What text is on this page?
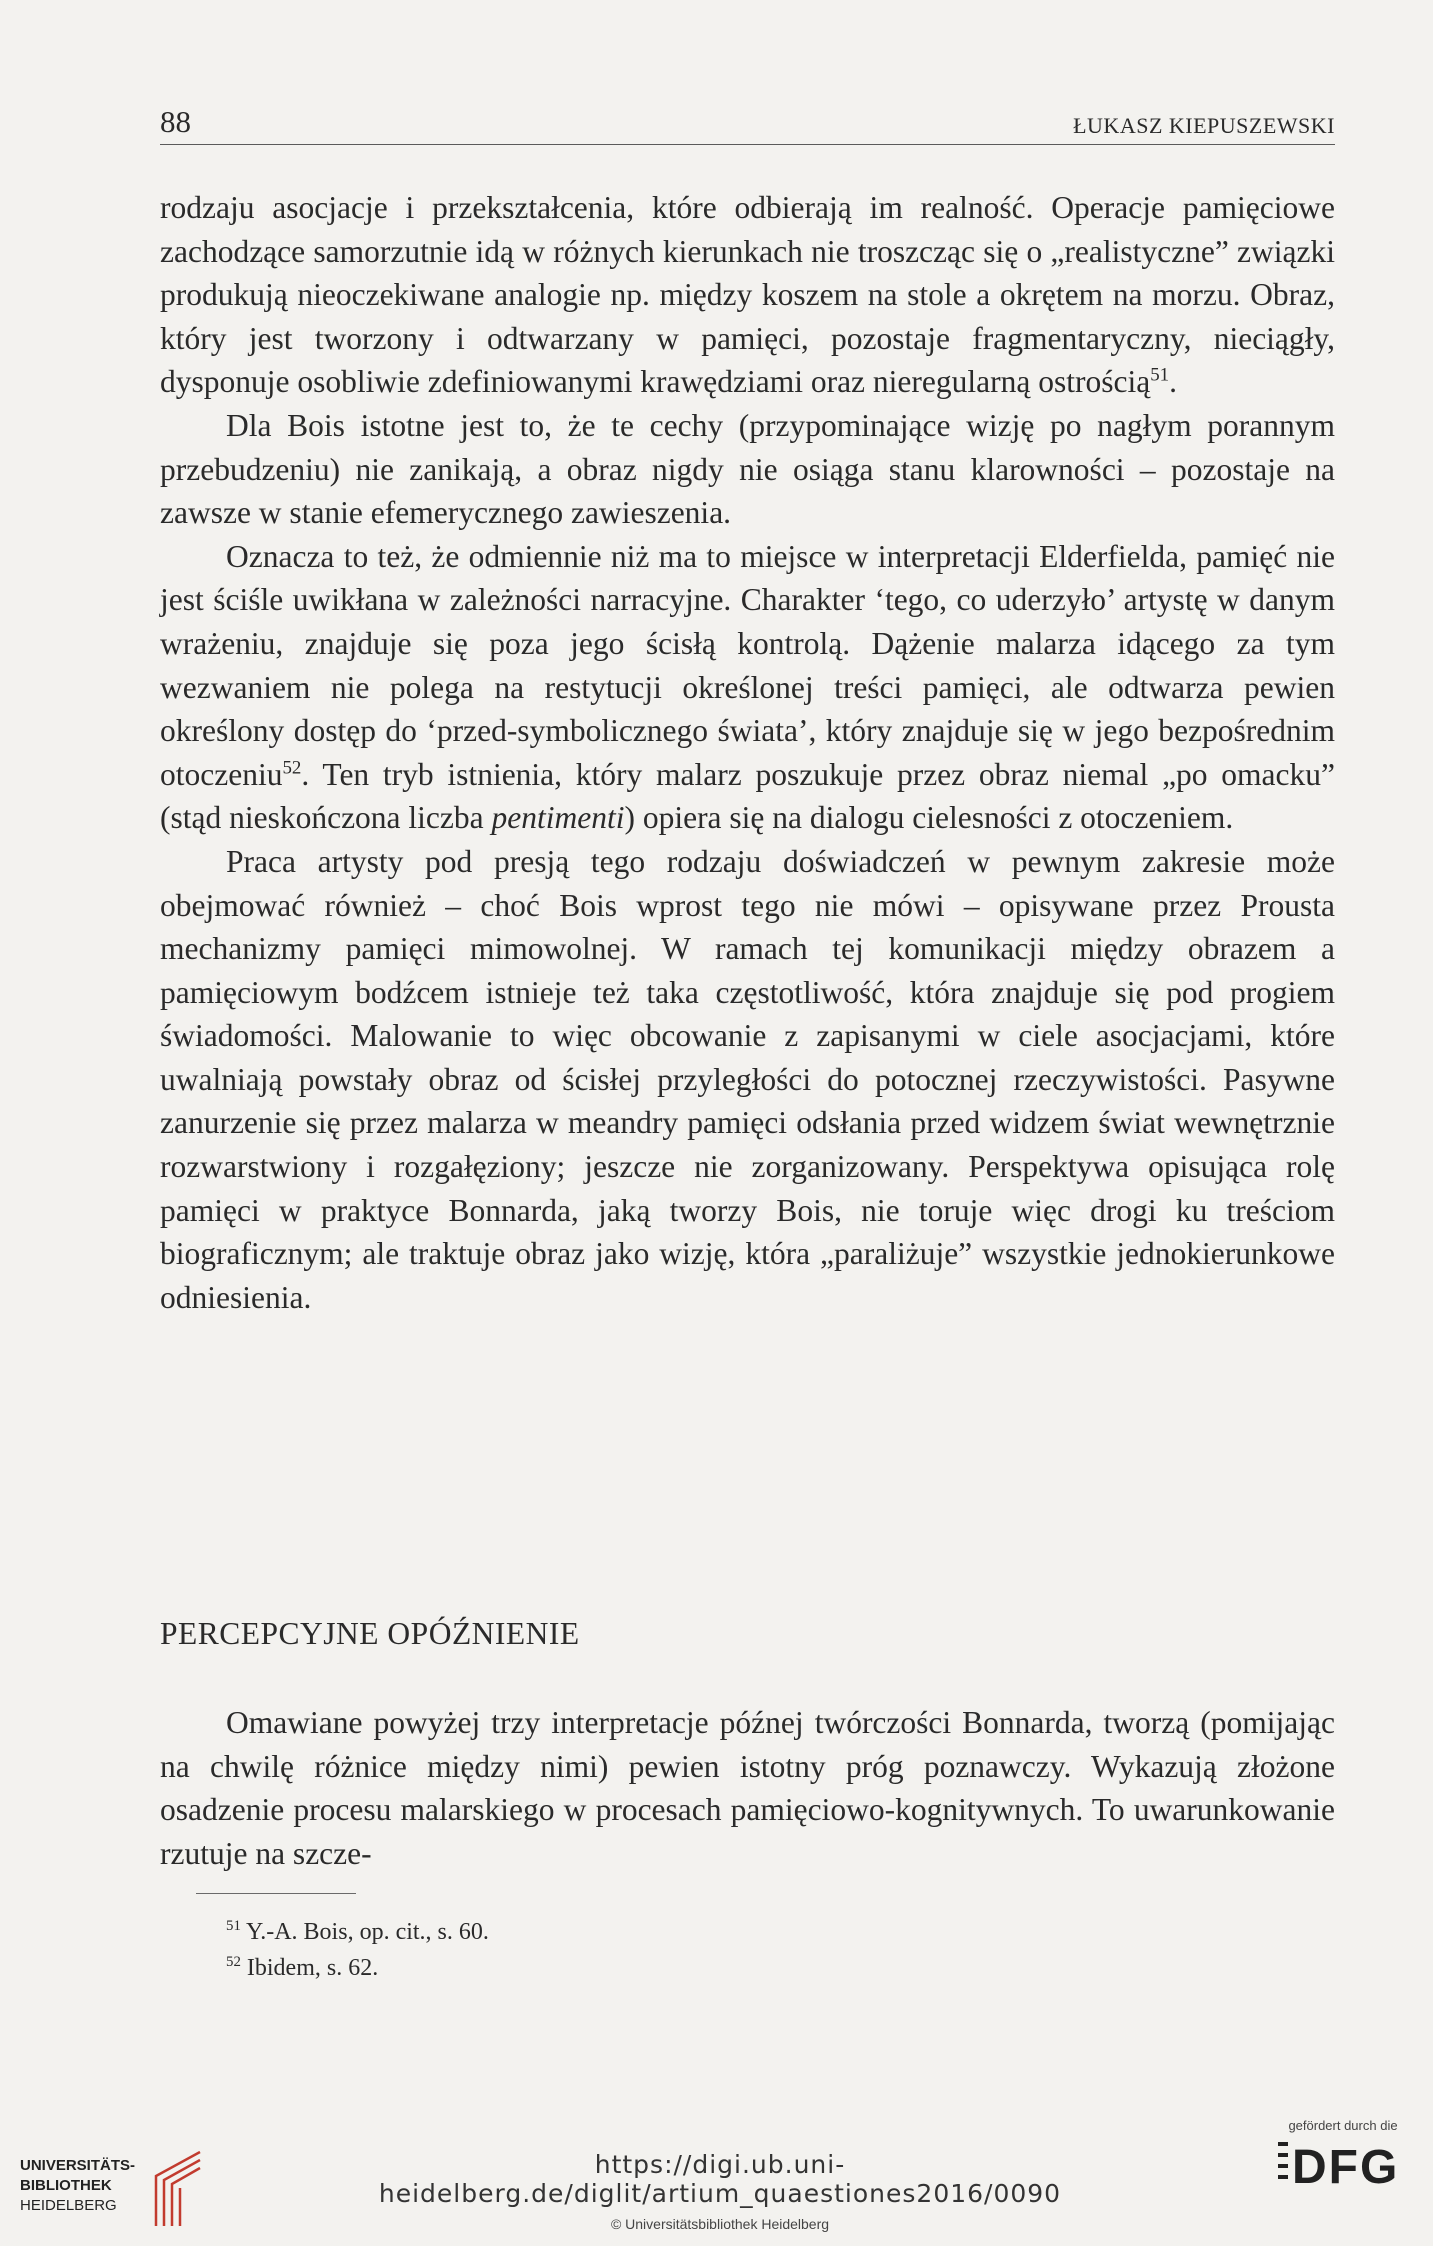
88	ŁUKASZ KIEPUSZEWSKI

rodzaju asocjacje i przekształcenia, które odbierają im realność. Operacje pamięciowe zachodzące samorzutnie idą w różnych kierunkach nie troszcząc się o „realistyczne” związki produkują nieoczekiwane analogie np. między koszem na stole a okrętem na morzu. Obraz, który jest tworzony i odtwarzany w pamięci, pozostaje fragmentaryczny, nieciągły, dysponuje osobliwie zdefiniowanymi krawędziami oraz nieregularną ostrością$^{51}$.

Dla Bois istotne jest to, że te cechy (przypominające wizję po nagłym porannym przebudzeniu) nie zanikają, a obraz nigdy nie osiąga stanu klarowności – pozostaje na zawsze w stanie efemerycznego zawieszenia.

Oznacza to też, że odmiennie niż ma to miejsce w interpretacji Elderfielda, pamięć nie jest ściśle uwikłana w zależności narracyjne. Charakter ‘tego, co uderzyło’ artystę w danym wrażeniu, znajduje się poza jego ścisłą kontrolą. Dążenie malarza idącego za tym wezwaniem nie polega na restytucji określonej treści pamięci, ale odtwarza pewien określony dostęp do ‘przed-symbolicznego świata’, który znajduje się w jego bezpośrednim otoczeniu$^{52}$. Ten tryb istnienia, który malarz poszukuje przez obraz niemal „po omacku” (stąd nieskończona liczba pentimenti) opiera się na dialogu cielesności z otoczeniem.

Praca artysty pod presją tego rodzaju doświadczeń w pewnym zakresie może obejmować również – choć Bois wprost tego nie mówi – opisywane przez Prousta mechanizmy pamięci mimowolnej. W ramach tej komunikacji między obrazem a pamięciowym bodźcem istnieje też taka częstotliwość, która znajduje się pod progiem świadomości. Malowanie to więc obcowanie z zapisanymi w ciele asocjacjami, które uwalniają powstały obraz od ścisłej przyległości do potocznej rzeczywistości. Pasywne zanurzenie się przez malarza w meandry pamięci odsłania przed widzem świat wewnętrznie rozwarstwiony i rozgałęziony; jeszcze nie zorganizowany. Perspektywa opisująca rolę pamięci w praktyce Bonnarda, jaką tworzy Bois, nie toruje więc drogi ku treściom biograficznym; ale traktuje obraz jako wizję, która „paraliżuje” wszystkie jednokierunkowe odniesienia.

PERCEPCYJNE OPÓŹNIENIE

Omawiane powyżej trzy interpretacje późnej twórczości Bonnarda, tworzą (pomijając na chwilę różnice między nimi) pewien istotny próg poznawczy. Wykazują złożone osadzenie procesu malarskiego w procesach pamięciowo-kognitywnych. To uwarunkowanie rzutuje na szcze-

$^{51}$ Y.-A. Bois, op. cit., s. 60.
$^{52}$ Ibidem, s. 62.
UNIVERSITÄTS-
BIBLIOTHEK
HEIDELBERG
https://digi.ub.uni-heidelberg.de/diglit/artium_quaestiones2016/0090
© Universitätsbibliothek Heidelberg
gefördert durch die
DFG
